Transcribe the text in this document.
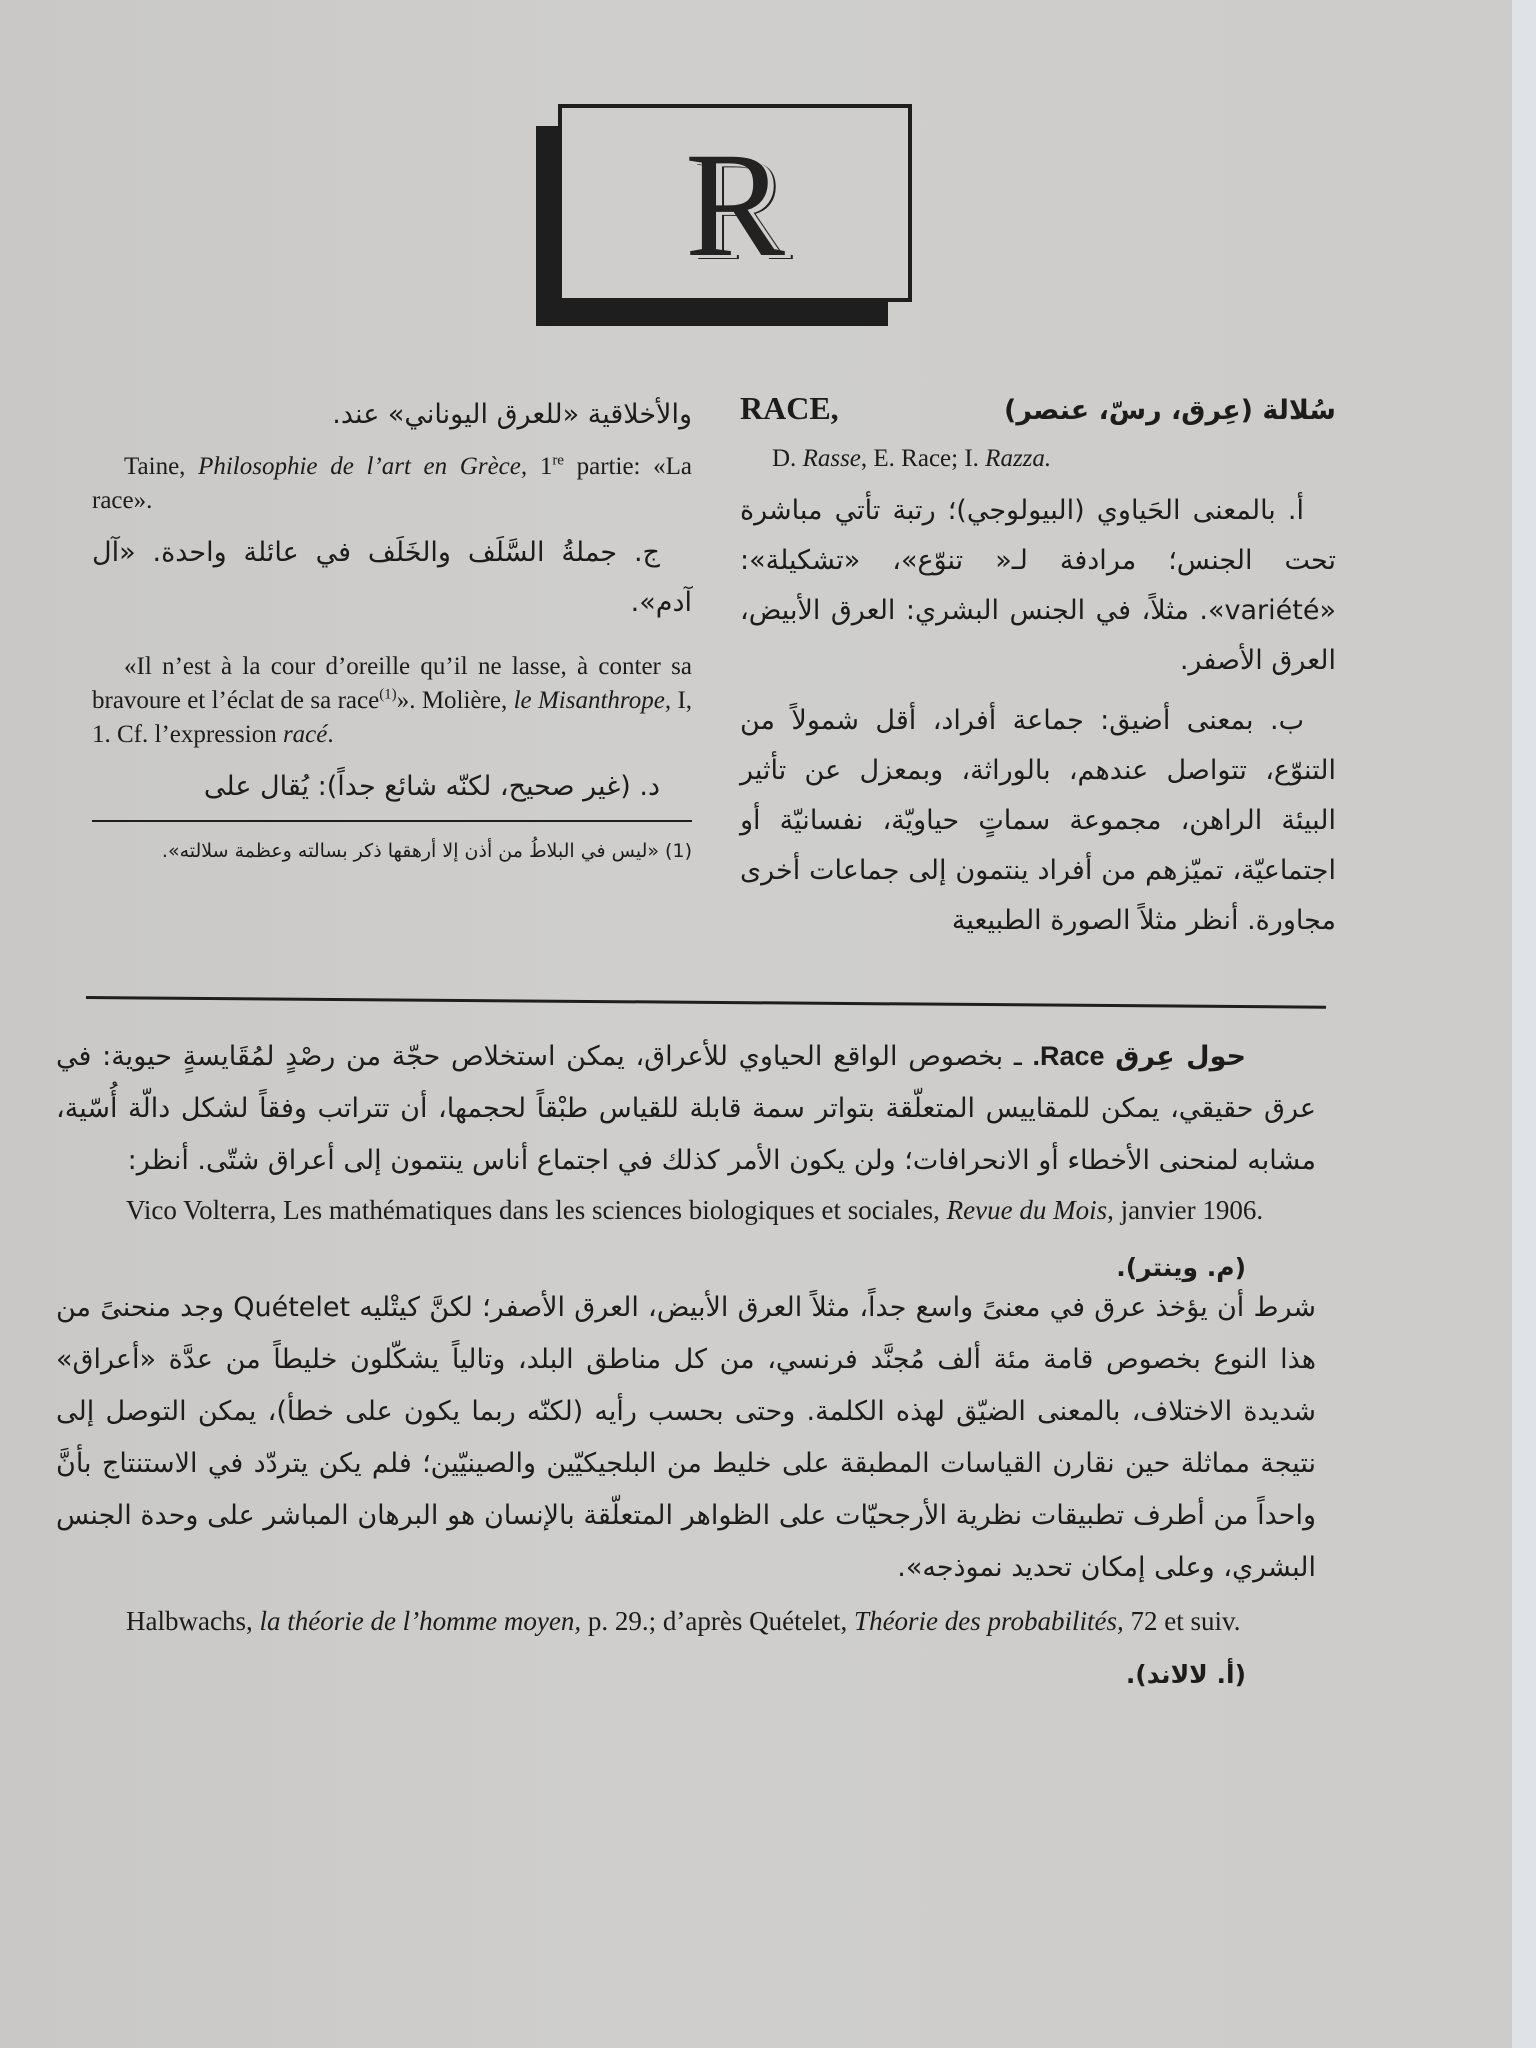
R
RACE,	سُلالة (عِرق، رسّ، عنصر)
D. Rasse, E. Race; I. Razza.

أ. بالمعنى الحَياوي (البيولوجي)؛ رتبة تأتي مباشرة تحت الجنس؛ مرادفة لـ« تنوّع»، «تشكيلة»: «variété». مثلاً، في الجنس البشري: العرق الأبيض، العرق الأصفر.

ب. بمعنى أضيق: جماعة أفراد، أقل شمولاً من التنوّع، تتواصل عندهم، بالوراثة، وبمعزل عن تأثير البيئة الراهن، مجموعة سماتٍ حياويّة، نفسانيّة أو اجتماعيّة، تميّزهم من أفراد ينتمون إلى جماعات أخرى مجاورة. أنظر مثلاً الصورة الطبيعية

والأخلاقية «للعرق اليوناني» عند.

Taine, Philosophie de l’art en Grèce, 1re partie: «La race».

ج. جملةُ السَّلَف والخَلَف في عائلة واحدة. «آل آدم».

«Il n’est à la cour d’oreille qu’il ne lasse, à conter sa bravoure et l’éclat de sa race$^{(1)}$». Molière, le Misanthrope, I, 1. Cf. l’expression racé.

د. (غير صحيح، لكنّه شائع جداً): يُقال على

(1) «ليس في البلاطُ من أذن إلا أرهقها ذكر بسالته وعظمة سلالته».

حول عِرق Race. ـ بخصوص الواقع الحياوي للأعراق، يمكن استخلاص حجّة من رصْدٍ لمُقَايسةٍ حيوية: في عرق حقيقي، يمكن للمقاييس المتعلّقة بتواتر سمة قابلة للقياس طبْقاً لحجمها، أن تتراتب وفقاً لشكل دالّة أُسّية، مشابه لمنحنى الأخطاء أو الانحرافات؛ ولن يكون الأمر كذلك في اجتماع أناس ينتمون إلى أعراق شتّى. أنظر:

Vico Volterra, Les mathématiques dans les sciences biologiques et sociales, Revue du Mois, janvier 1906.

(م. وينتر).

شرط أن يؤخذ عرق في معنىً واسع جداً، مثلاً العرق الأبيض، العرق الأصفر؛ لكنَّ كيتْليه Quételet وجد منحنىً من هذا النوع بخصوص قامة مئة ألف مُجنَّد فرنسي، من كل مناطق البلد، وتالياً يشكّلون خليطاً من عدَّة «أعراق» شديدة الاختلاف، بالمعنى الضيّق لهذه الكلمة. وحتى بحسب رأيه (لكنّه ربما يكون على خطأ)، يمكن التوصل إلى نتيجة مماثلة حين نقارن القياسات المطبقة على خليط من البلجيكيّين والصينيّين؛ فلم يكن يتردّد في الاستنتاج بأنَّ واحداً من أطرف تطبيقات نظرية الأرجحيّات على الظواهر المتعلّقة بالإنسان هو البرهان المباشر على وحدة الجنس البشري، وعلى إمكان تحديد نموذجه».

Halbwachs, la théorie de l’homme moyen, p. 29.; d’après Quételet, Théorie des probabilités, 72 et suiv.

(أ. لالاند).
